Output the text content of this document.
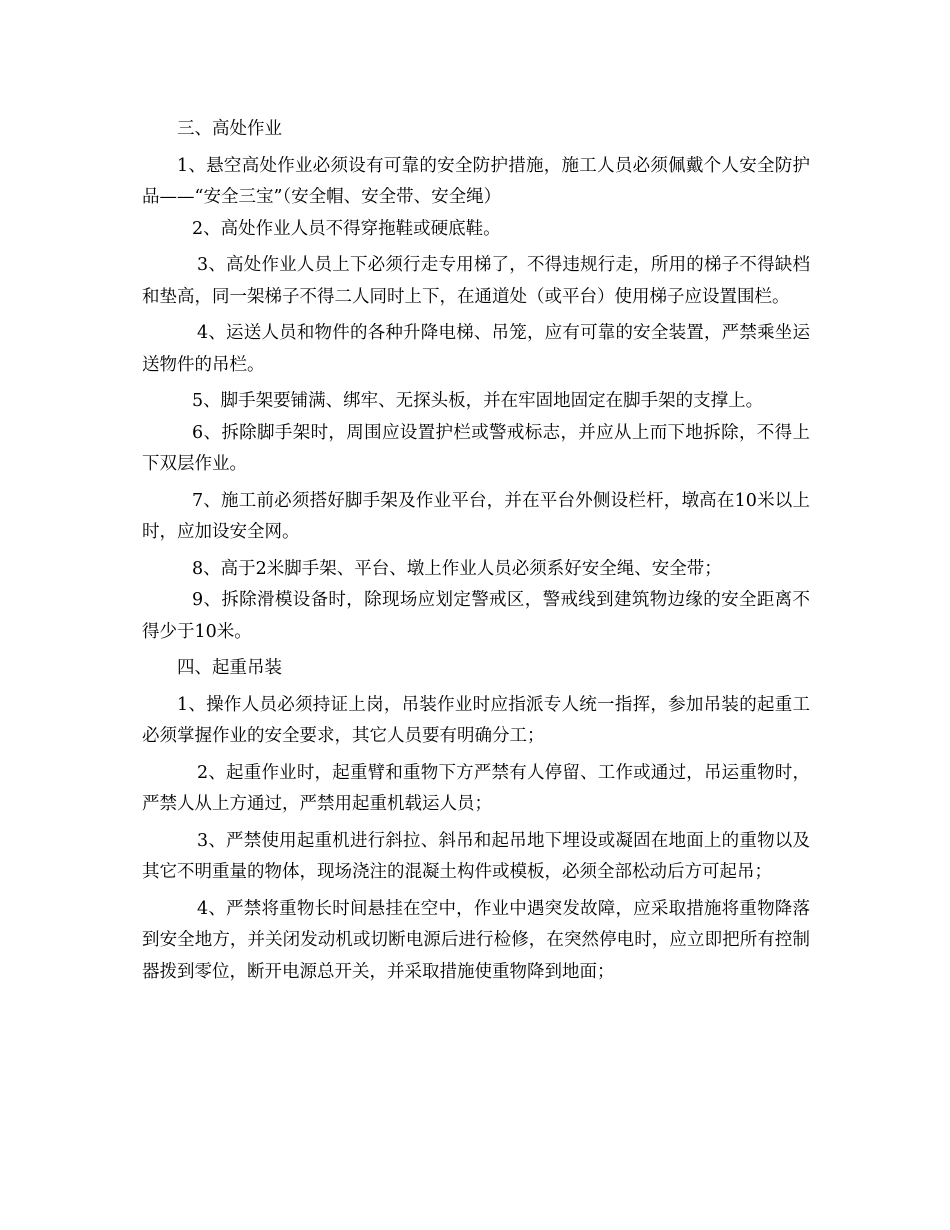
三、高处作业

1、悬空高处作业必须设有可靠的安全防护措施，施工人员必须佩戴个人安全防护品——“安全三宝”（安全帽、安全带、安全绳）

2、高处作业人员不得穿拖鞋或硬底鞋。

3、高处作业人员上下必须行走专用梯了，不得违规行走，所用的梯子不得缺档和垫高，同一架梯子不得二人同时上下，在通道处（或平台）使用梯子应设置围栏。

4、运送人员和物件的各种升降电梯、吊笼，应有可靠的安全装置，严禁乘坐运送物件的吊栏。

5、脚手架要铺满、绑牢、无探头板，并在牢固地固定在脚手架的支撑上。

6、拆除脚手架时，周围应设置护栏或警戒标志，并应从上而下地拆除，不得上下双层作业。

7、施工前必须搭好脚手架及作业平台，并在平台外侧设栏杆，墩高在10米以上时，应加设安全网。

8、高于2米脚手架、平台、墩上作业人员必须系好安全绳、安全带；

9、拆除滑模设备时，除现场应划定警戒区，警戒线到建筑物边缘的安全距离不得少于10米。

四、起重吊装

1、操作人员必须持证上岗，吊装作业时应指派专人统一指挥，参加吊装的起重工必须掌握作业的安全要求，其它人员要有明确分工；

2、起重作业时，起重臂和重物下方严禁有人停留、工作或通过，吊运重物时，严禁人从上方通过，严禁用起重机载运人员；

3、严禁使用起重机进行斜拉、斜吊和起吊地下埋设或凝固在地面上的重物以及其它不明重量的物体，现场浇注的混凝土构件或模板，必须全部松动后方可起吊；

4、严禁将重物长时间悬挂在空中，作业中遇突发故障，应采取措施将重物降落到安全地方，并关闭发动机或切断电源后进行检修，在突然停电时，应立即把所有控制器拨到零位，断开电源总开关，并采取措施使重物降到地面；
